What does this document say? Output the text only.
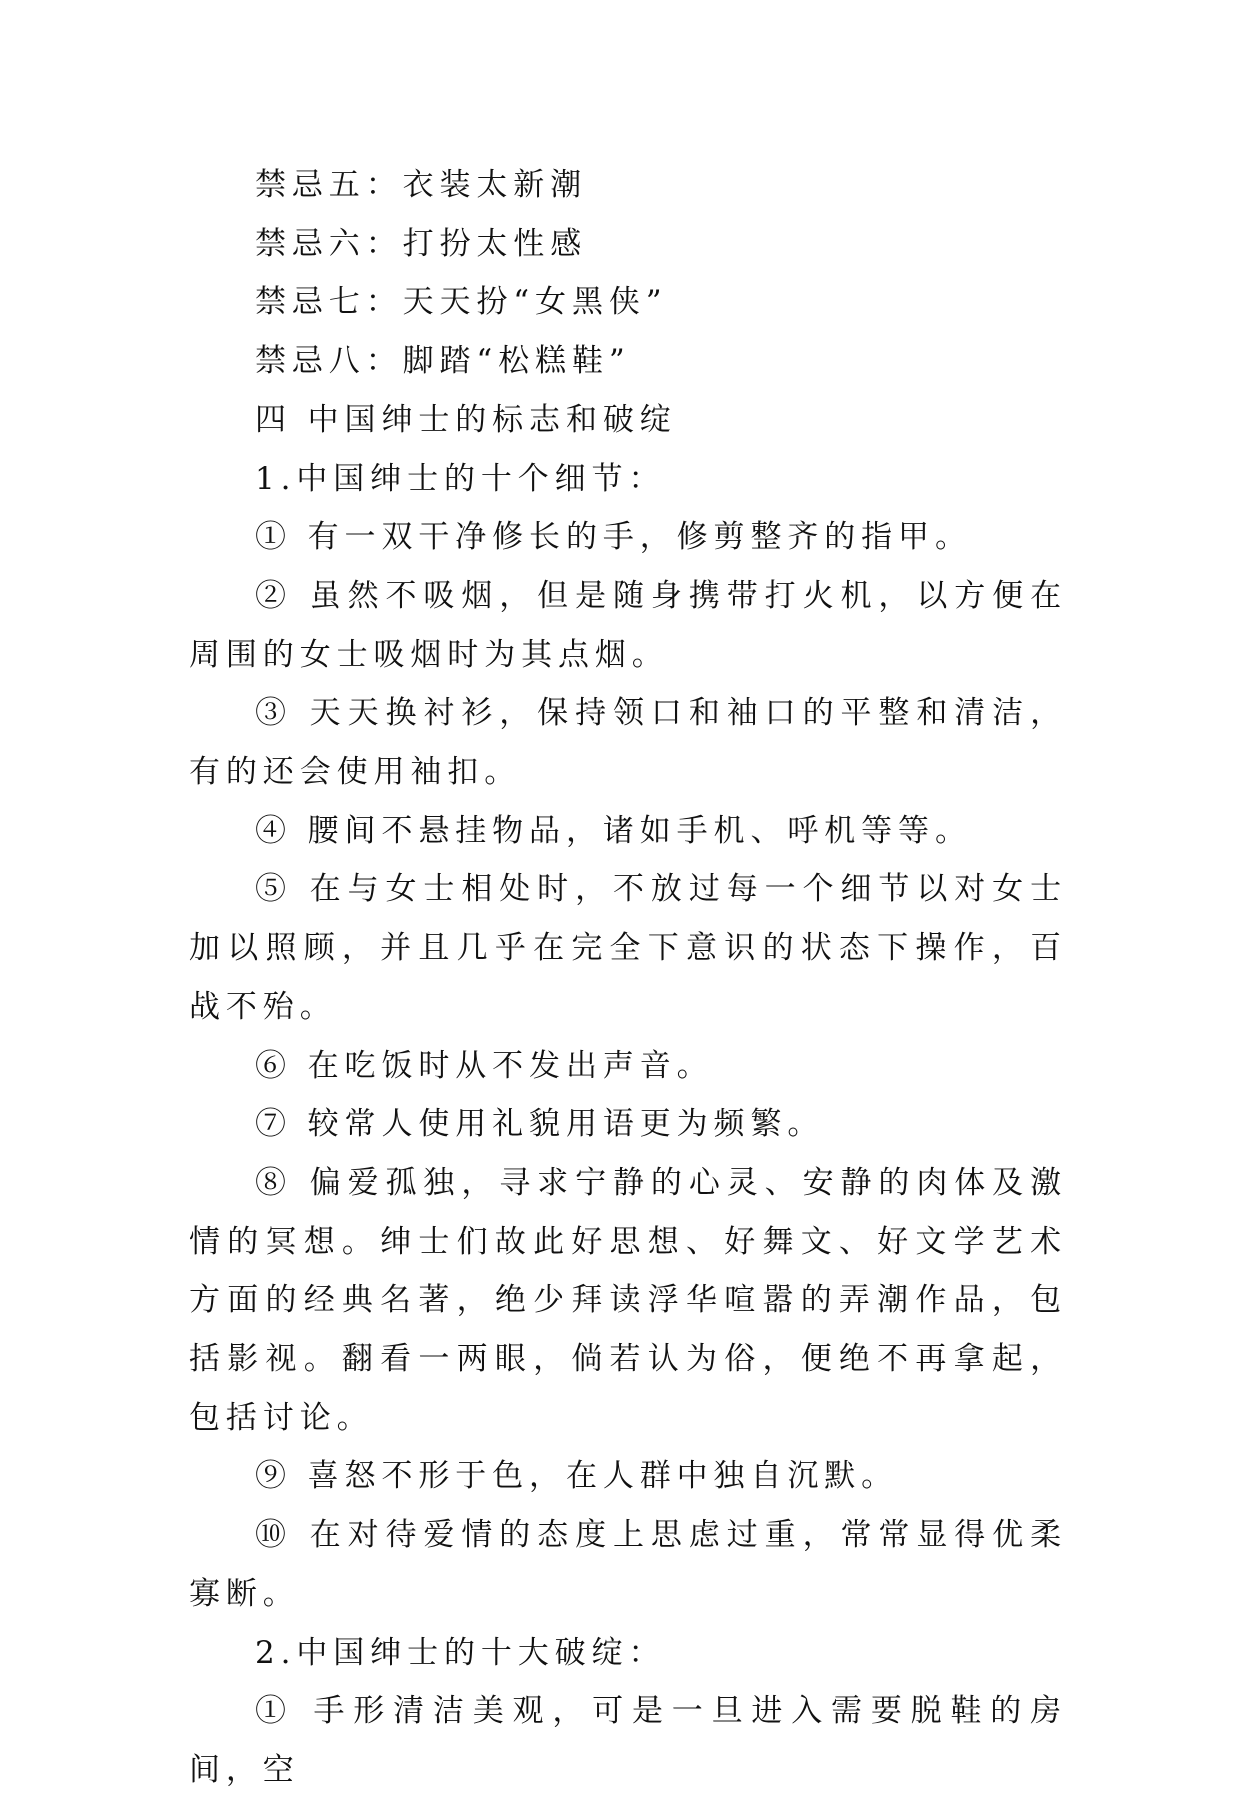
禁忌五：衣装太新潮

禁忌六：打扮太性感

禁忌七：天天扮“女黑侠”

禁忌八：脚踏“松糕鞋”

四 中国绅士的标志和破绽

1.中国绅士的十个细节：

① 有一双干净修长的手，修剪整齐的指甲。

② 虽然不吸烟，但是随身携带打火机，以方便在周围的女士吸烟时为其点烟。

③ 天天换衬衫，保持领口和袖口的平整和清洁，有的还会使用袖扣。

④ 腰间不悬挂物品，诸如手机、呼机等等。

⑤ 在与女士相处时，不放过每一个细节以对女士加以照顾，并且几乎在完全下意识的状态下操作，百战不殆。

⑥ 在吃饭时从不发出声音。

⑦ 较常人使用礼貌用语更为频繁。

⑧ 偏爱孤独，寻求宁静的心灵、安静的肉体及激情的冥想。绅士们故此好思想、好舞文、好文学艺术方面的经典名著，绝少拜读浮华喧嚣的弄潮作品，包括影视。翻看一两眼，倘若认为俗，便绝不再拿起，包括讨论。

⑨ 喜怒不形于色，在人群中独自沉默。

⑩ 在对待爱情的态度上思虑过重，常常显得优柔寡断。

2.中国绅士的十大破绽：

① 手形清洁美观，可是一旦进入需要脱鞋的房间，空
